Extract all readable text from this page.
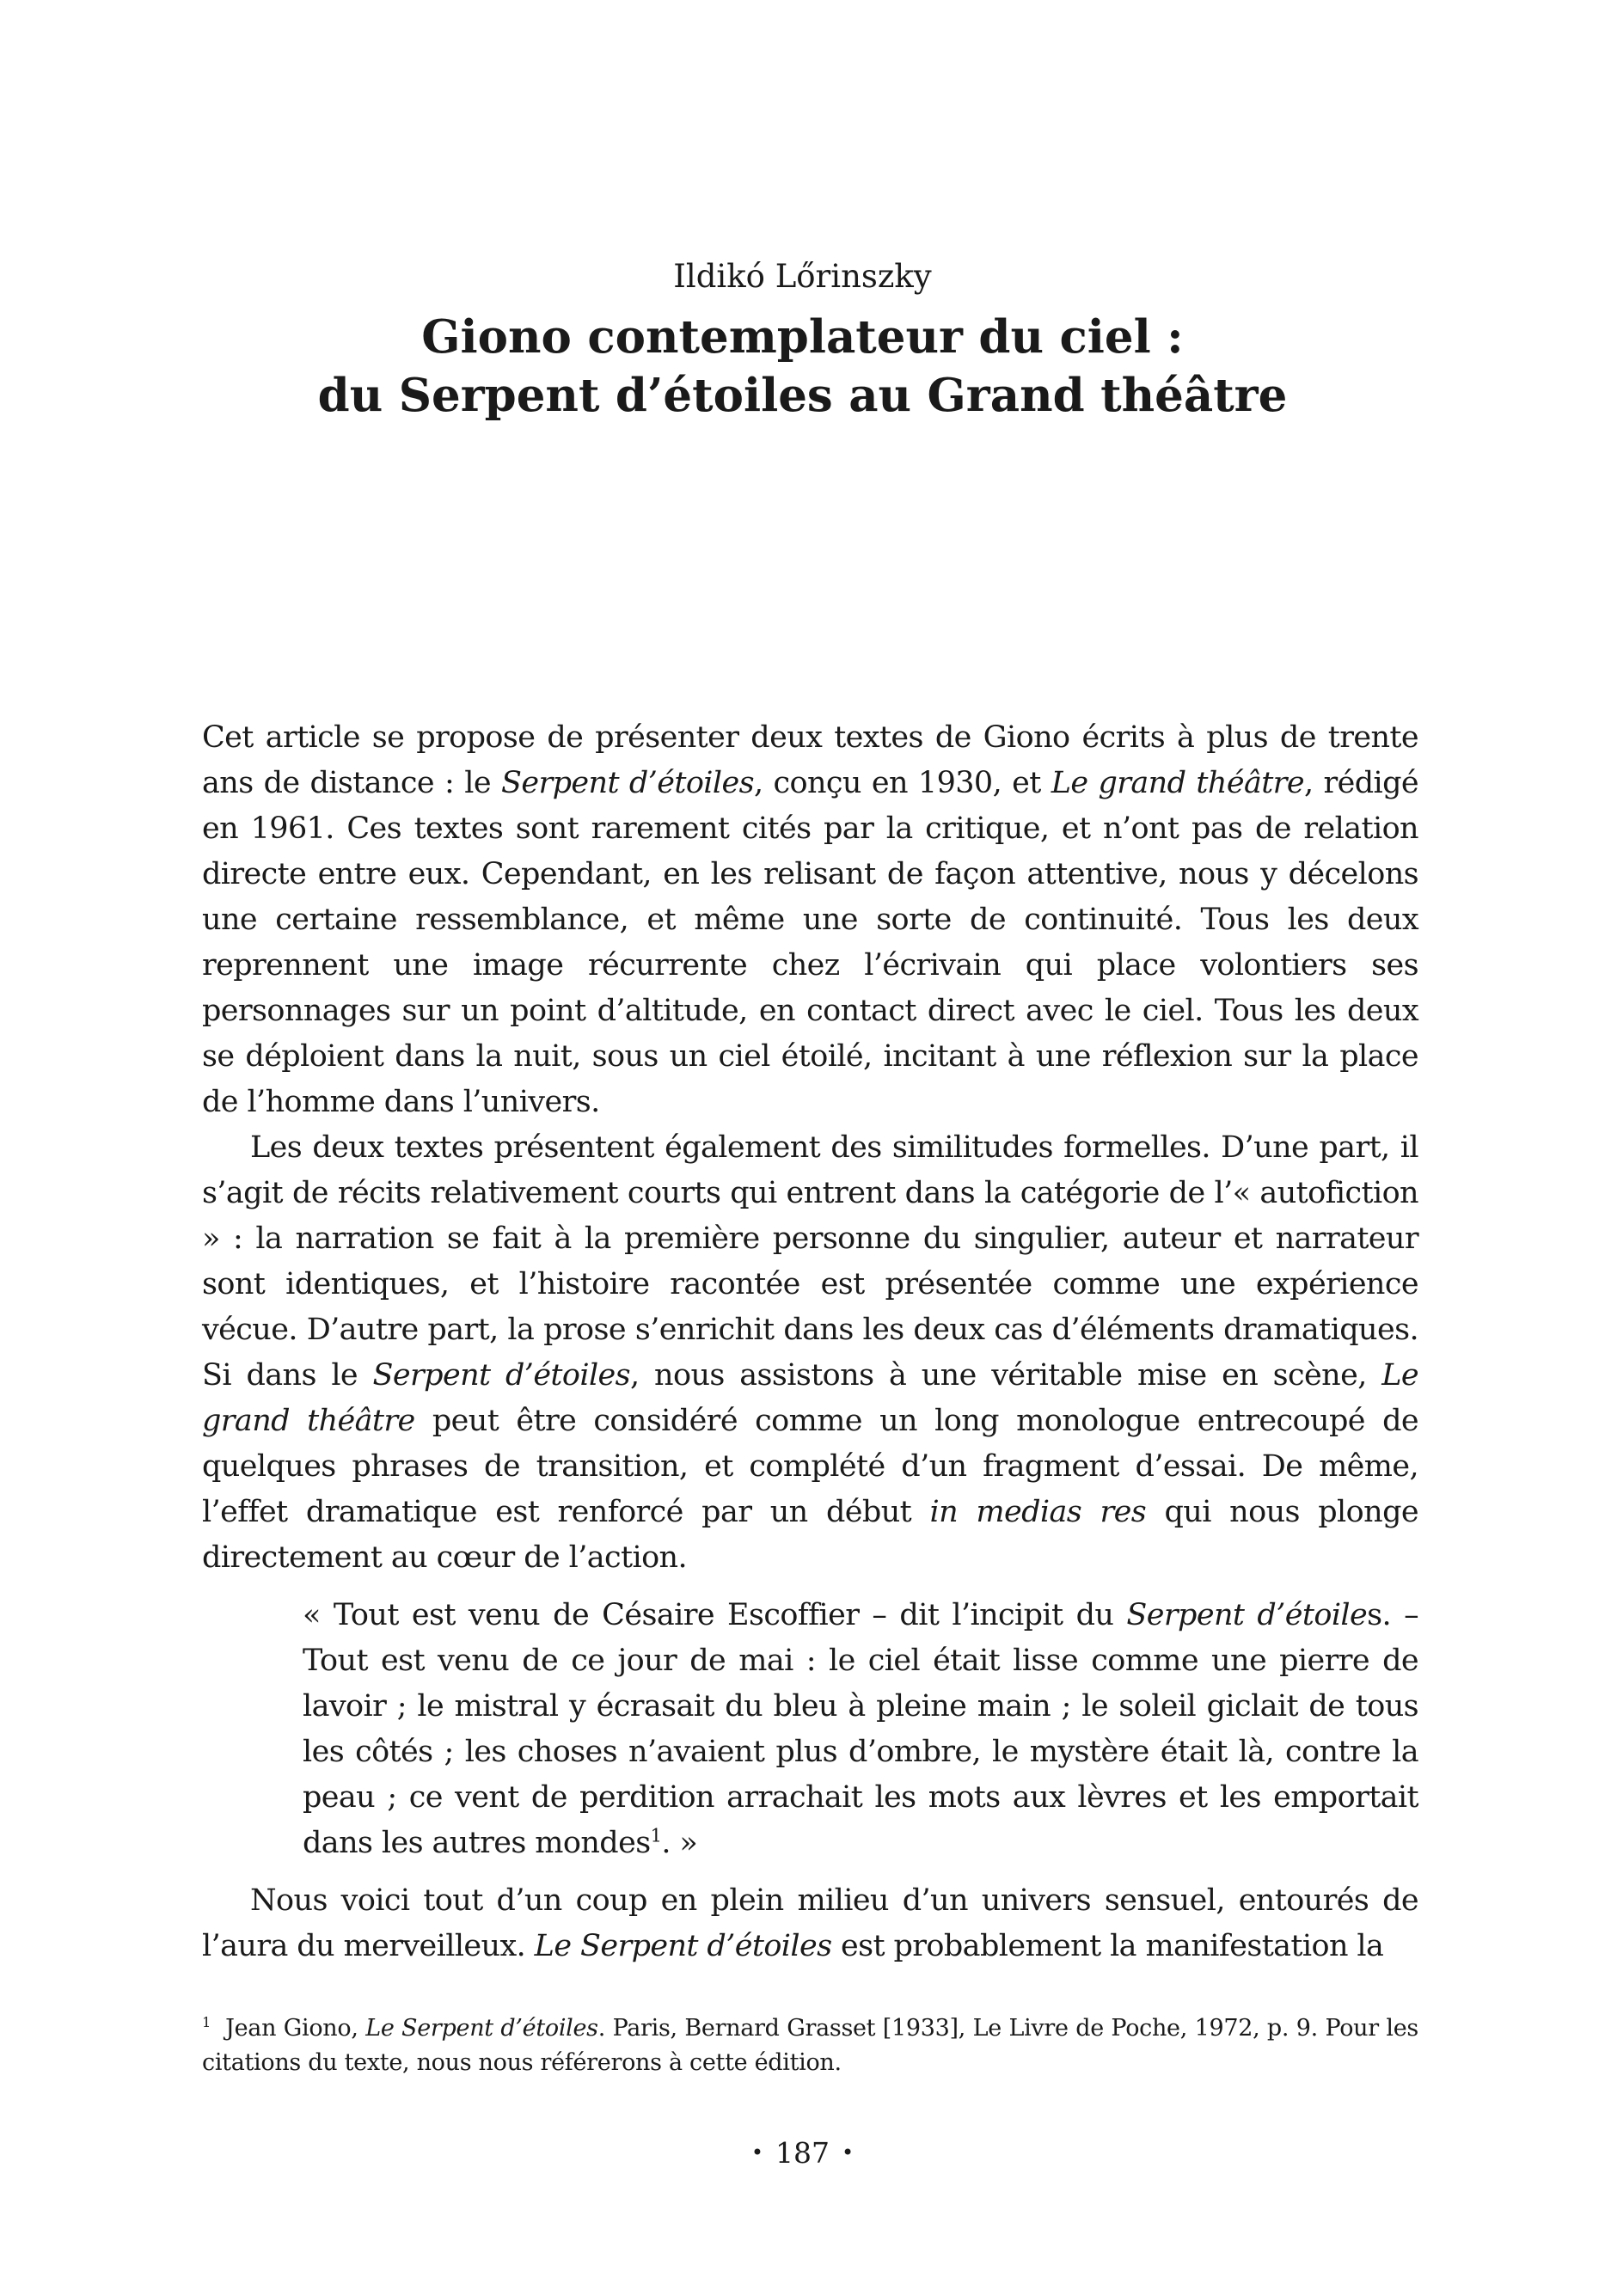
Ildikó Lőrinszky
Giono contemplateur du ciel :
du Serpent d’étoiles au Grand théâtre

Cet article se propose de présenter deux textes de Giono écrits à plus de trente ans de distance : le Serpent d’étoiles, conçu en 1930, et Le grand théâtre, rédigé en 1961. Ces textes sont rarement cités par la critique, et n’ont pas de relation directe entre eux. Cependant, en les relisant de façon attentive, nous y décelons une certaine ressemblance, et même une sorte de continuité. Tous les deux reprennent une image récurrente chez l’écrivain qui place volontiers ses personnages sur un point d’altitude, en contact direct avec le ciel. Tous les deux se déploient dans la nuit, sous un ciel étoilé, incitant à une réflexion sur la place de l’homme dans l’univers.

Les deux textes présentent également des similitudes formelles. D’une part, il s’agit de récits relativement courts qui entrent dans la catégorie de l’« autofiction » : la narration se fait à la première personne du singulier, auteur et narrateur sont identiques, et l’histoire racontée est présentée comme une expérience vécue. D’autre part, la prose s’enrichit dans les deux cas d’éléments dramatiques. Si dans le Serpent d’étoiles, nous assistons à une véritable mise en scène, Le grand théâtre peut être considéré comme un long monologue entrecoupé de quelques phrases de transition, et complété d’un fragment d’essai. De même, l’effet dramatique est renforcé par un début in medias res qui nous plonge directement au cœur de l’action.

« Tout est venu de Césaire Escoffier – dit l’incipit du Serpent d’étoiles. – Tout est venu de ce jour de mai : le ciel était lisse comme une pierre de lavoir ; le mistral y écrasait du bleu à pleine main ; le soleil giclait de tous les côtés ; les choses n’avaient plus d’ombre, le mystère était là, contre la peau ; ce vent de perdition arrachait les mots aux lèvres et les emportait dans les autres mondes$^1$. »

Nous voici tout d’un coup en plein milieu d’un univers sensuel, entourés de l’aura du merveilleux. Le Serpent d’étoiles est probablement la manifestation la

$^1$ Jean Giono, Le Serpent d’étoiles. Paris, Bernard Grasset [1933], Le Livre de Poche, 1972, p. 9. Pour les citations du texte, nous nous référerons à cette édition.
• 187 •
